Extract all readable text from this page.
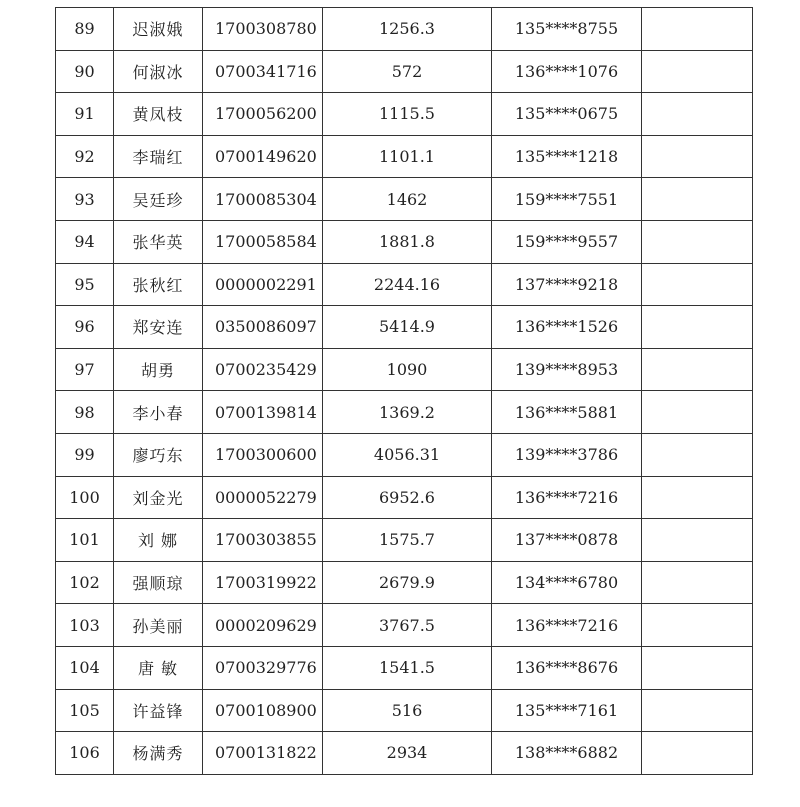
89	迟淑娥	1700308780	1256.3	135****8755	
90	何淑冰	0700341716	572	136****1076	
91	黄凤枝	1700056200	1115.5	135****0675	
92	李瑞红	0700149620	1101.1	135****1218	
93	吴廷珍	1700085304	1462	159****7551	
94	张华英	1700058584	1881.8	159****9557	
95	张秋红	0000002291	2244.16	137****9218	
96	郑安连	0350086097	5414.9	136****1526	
97	胡勇	0700235429	1090	139****8953	
98	李小春	0700139814	1369.2	136****5881	
99	廖巧东	1700300600	4056.31	139****3786	
100	刘金光	0000052279	6952.6	136****7216	
101	刘 娜	1700303855	1575.7	137****0878	
102	强顺琼	1700319922	2679.9	134****6780	
103	孙美丽	0000209629	3767.5	136****7216	
104	唐 敏	0700329776	1541.5	136****8676	
105	许益锋	0700108900	516	135****7161	
106	杨满秀	0700131822	2934	138****6882	
